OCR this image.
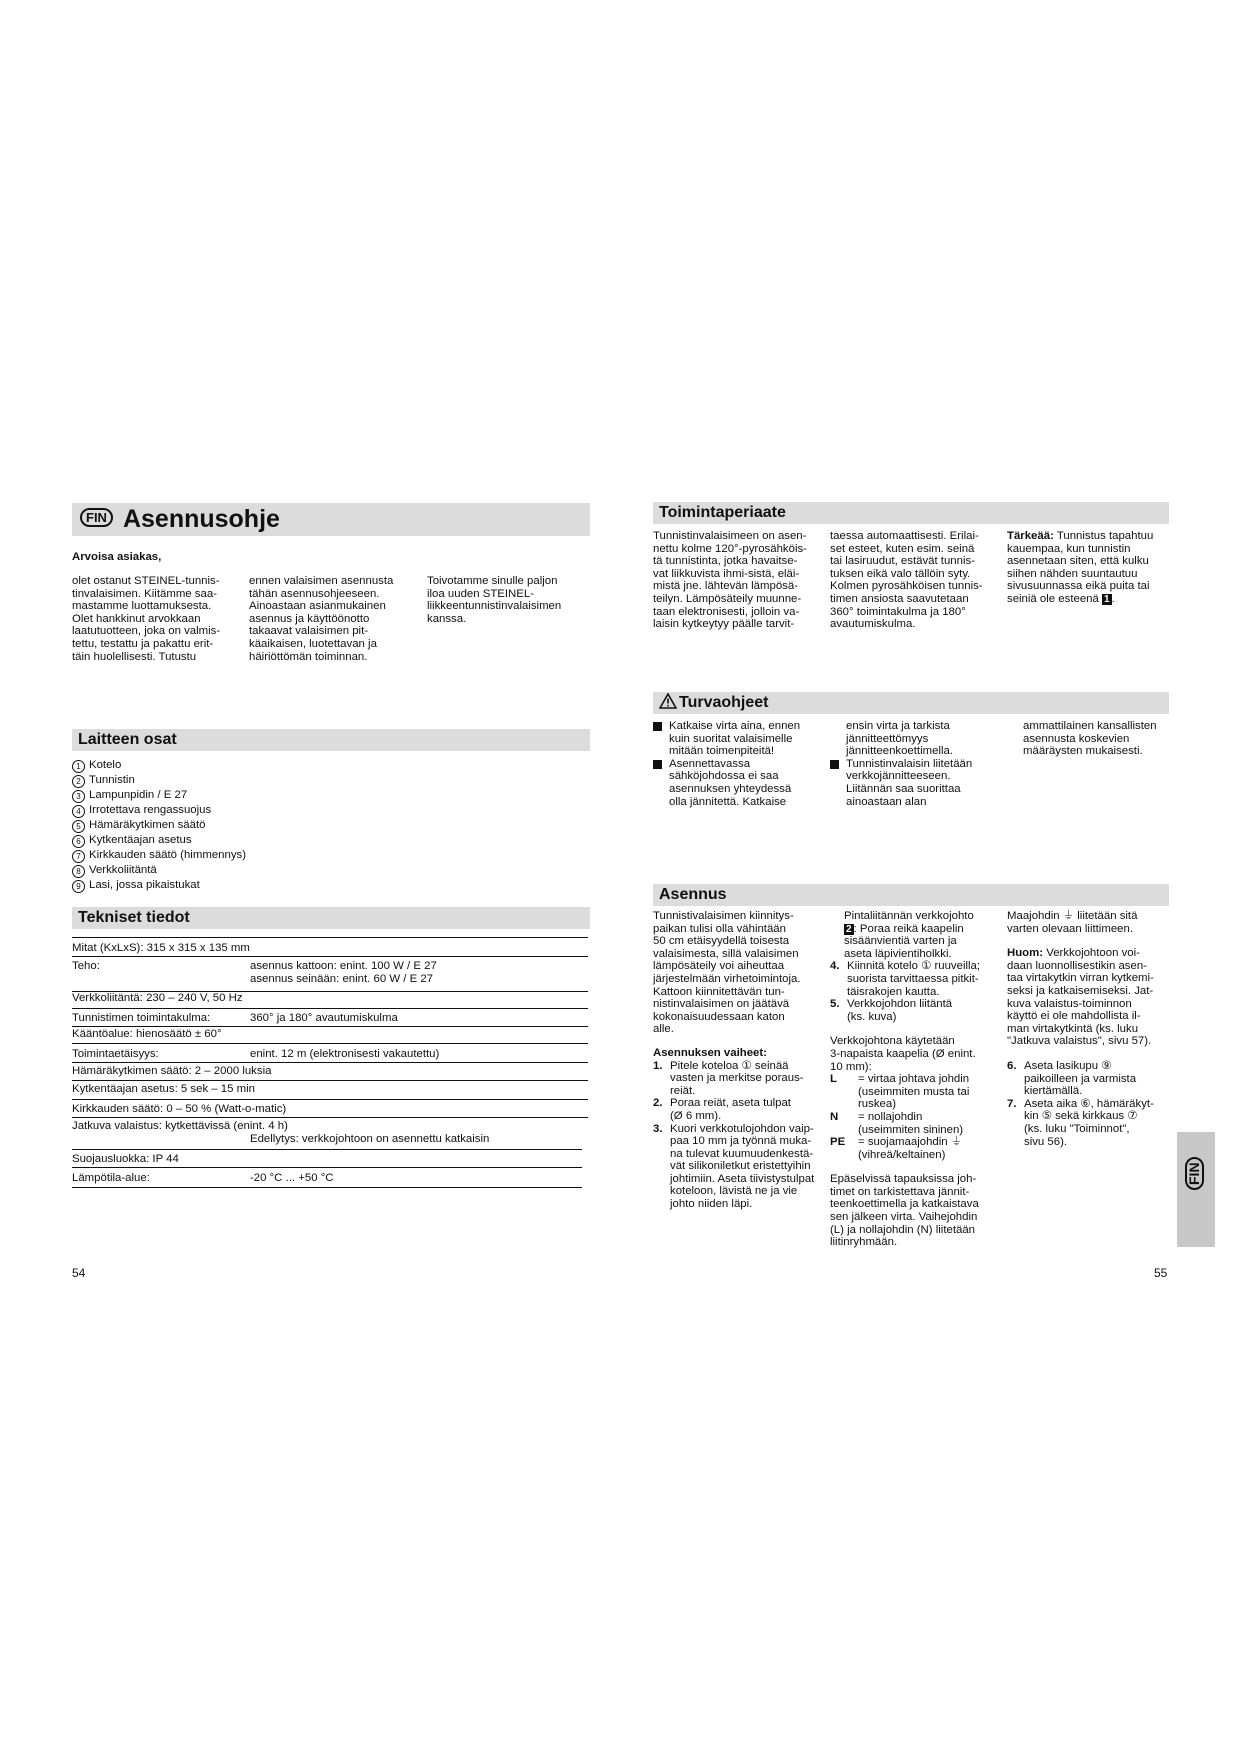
FIN Asennusohje

Arvoisa asiakas,

olet ostanut STEINEL-tunnis-
tinvalaisimen. Kiitämme saa-
mastamme luottamuksesta.
Olet hankkinut arvokkaan
laatutuotteen, joka on valmis-
tettu, testattu ja pakattu erit-
täin huolellisesti. Tutustu

ennen valaisimen asennusta
tähän asennusohjeeseen.
Ainoastaan asianmukainen
asennus ja käyttöönotto
takaavat valaisimen pit-
käaikaisen, luotettavan ja
häiriöttömän toiminnan.

Toivotamme sinulle paljon
iloa uuden STEINEL-
liikkeentunnistinvalaisimen
kanssa.

Laitteen osat
1 Kotelo
2 Tunnistin
3 Lampunpidin / E 27
4 Irrotettava rengassuojus
5 Hämäräkytkimen säätö
6 Kytkentäajan asetus
7 Kirkkauden säätö (himmennys)
8 Verkkoliitäntä
9 Lasi, jossa pikaistukat
Tekniset tiedot
Mitat (KxLxS): 315 x 315 x 135 mm
Teho:	asennus kattoon: enint. 100 W / E 27
asennus seinään: enint. 60 W / E 27
Verkkoliitäntä: 230 – 240 V, 50 Hz
Tunnistimen toimintakulma:	360° ja 180° avautumiskulma
Kääntöalue: hienosäätö ± 60°
Toimintaetäisyys:	enint. 12 m (elektronisesti vakautettu)
Hämäräkytkimen säätö: 2 – 2000 luksia
Kytkentäajan asetus: 5 sek – 15 min
Kirkkauden säätö: 0 – 50 % (Watt-o-matic)
Jatkuva valaistus: kytkettävissä (enint. 4 h)
Edellytys: verkkojohtoon on asennettu katkaisin
Suojausluokka: IP 44
Lämpötila-alue:	-20 °C ... +50 °C
54
Toimintaperiaate

Tunnistinvalaisimeen on asen-
nettu kolme 120°-pyrosähköis-
tä tunnistinta, jotka havaitse-
vat liikkuvista ihmi-sistä, eläi-
mistä jne. lähtevän lämpösä-
teilyn. Lämpösäteily muunne-
taan elektronisesti, jolloin va-
laisin kytkeytyy päälle tarvit-

taessa automaattisesti. Erilai-
set esteet, kuten esim. seinä
tai lasiruudut, estävät tunnis-
tuksen eikä valo tällöin syty.
Kolmen pyrosähköisen tunnis-
timen ansiosta saavutetaan
360° toimintakulma ja 180°
avautumiskulma.

Tärkeää: Tunnistus tapahtuu
kauempaa, kun tunnistin
asennetaan siten, että kulku
siihen nähden suuntautuu
sivusuunnassa eikä puita tai
seiniä ole esteenä 1 .

Turvaohjeet
Katkaise virta aina, ennen
kuin suoritat valaisimelle
mitään toimenpiteitä!
Asennettavassa
sähköjohdossa ei saa
asennuksen yhteydessä
olla jännitettä. Katkaise
ensin virta ja tarkista
jännitteettömyys
jännitteenkoettimella.
Tunnistinvalaisin liitetään
verkkojännitteeseen.
Liitännän saa suorittaa
ainoastaan alan

ammattilainen kansallisten
asennusta koskevien
määräysten mukaisesti.

Asennus

Tunnistivalaisimen kiinnitys-
paikan tulisi olla vähintään
50 cm etäisyydellä toisesta
valaisimesta, sillä valaisimen
lämpösäteily voi aiheuttaa
järjestelmään virhetoimintoja.
Kattoon kiinnitettävän tun-
nistinvalaisimen on jäätävä
kokonaisuudessaan katon
alle.

Asennuksen vaiheet:

1. Pitele koteloa ① seinää
vasten ja merkitse poraus-
reiät.
2. Poraa reiät, aseta tulpat
(Ø 6 mm).
3. Kuori verkkotulojohdon vaip-
paa 10 mm ja työnnä muka-
na tulevat kuumuudenkestä-
vät silikoniletkut eristettyihin
johtimiin. Aseta tiivistystulpat
koteloon, lävistä ne ja vie
johto niiden läpi.

Pintaliitännän verkkojohto
2 : Poraa reikä kaapelin
sisäänvientiä varten ja
aseta läpivientiholkki.

4. Kiinnitä kotelo ① ruuveilla;
suorista tarvittaessa pitkit-
täisrakojen kautta.
5. Verkkojohdon liitäntä
(ks. kuva)

Verkkojohtona käytetään
3-napaista kaapelia (Ø enint.
10 mm):

L = virtaa johtava johdin
(useimmiten musta tai
ruskea)
N = nollajohdin
(useimmiten sininen)
PE = suojamaajohdin ⏚
(vihreä/keltainen)

Epäselvissä tapauksissa joh-
timet on tarkistettava jännit-
teenkoettimella ja katkaistava
sen jälkeen virta. Vaihejohdin
(L) ja nollajohdin (N) liitetään
liitinryhmään.

Maajohdin ⏚ liitetään sitä
varten olevaan liittimeen.

Huom: Verkkojohtoon voi-
daan luonnollisestikin asen-
taa virtakytkin virran kytkemi-
seksi ja katkaisemiseksi. Jat-
kuva valaistus-toiminnon
käyttö ei ole mahdollista il-
man virtakytkintä (ks. luku
"Jatkuva valaistus", sivu 57).

6. Aseta lasikupu ⑨
paikoilleen ja varmista
kiertämällä.
7. Aseta aika ⑥, hämäräkyt-
kin ⑤ sekä kirkkaus ⑦
(ks. luku "Toiminnot",
sivu 56).
FIN
55
